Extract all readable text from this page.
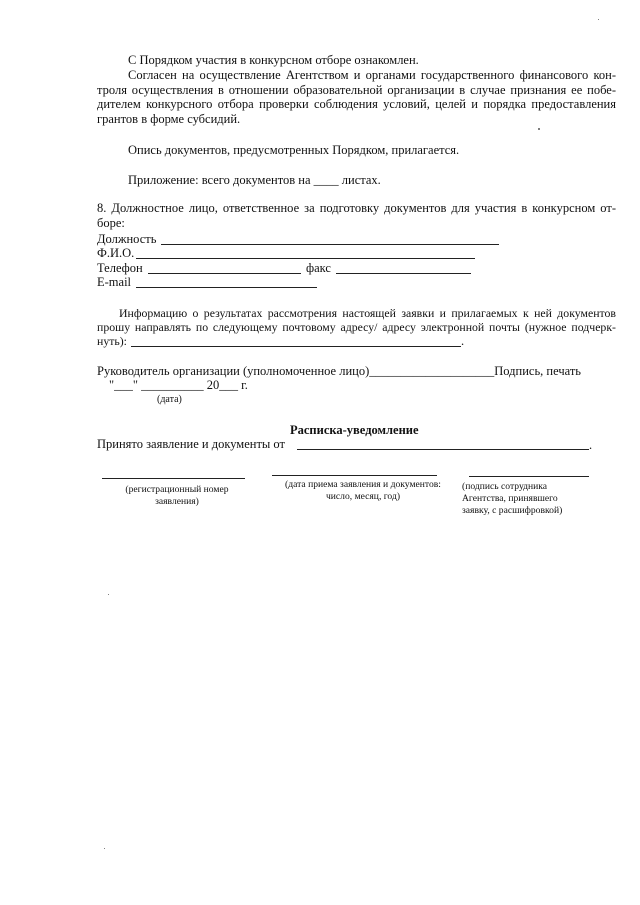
С Порядком участия в конкурсном отборе ознакомлен.
Согласен на осуществление Агентством и органами государственного финансового кон-
троля осуществления в отношении образовательной организации в случае признания ее побе-
дителем конкурсного отбора проверки соблюдения условий, целей и порядка предоставления
грантов в форме субсидий.
Опись документов, предусмотренных Порядком, прилагается.
Приложение: всего документов на ____ листах.
8. Должностное лицо, ответственное за подготовку документов для участия в конкурсном от-
боре:
Должность
Ф.И.О.
Телефон	факс
E-mail
Информацию о результатах рассмотрения настоящей заявки и прилагаемых к ней документов
прошу направлять по следующему почтовому адресу/ адресу электронной почты (нужное подчерк-
нуть):	.
Руководитель организации (уполномоченное лицо)____________________Подпись, печать
"___" __________ 20___ г.
(дата)
Расписка-уведомление
Принято заявление и документы от	.
(регистрационный номер
заявления)
(дата приема заявления и документов:
число, месяц, год)
(подпись сотрудника
Агентства, принявшего
заявку, с расшифровкой)
